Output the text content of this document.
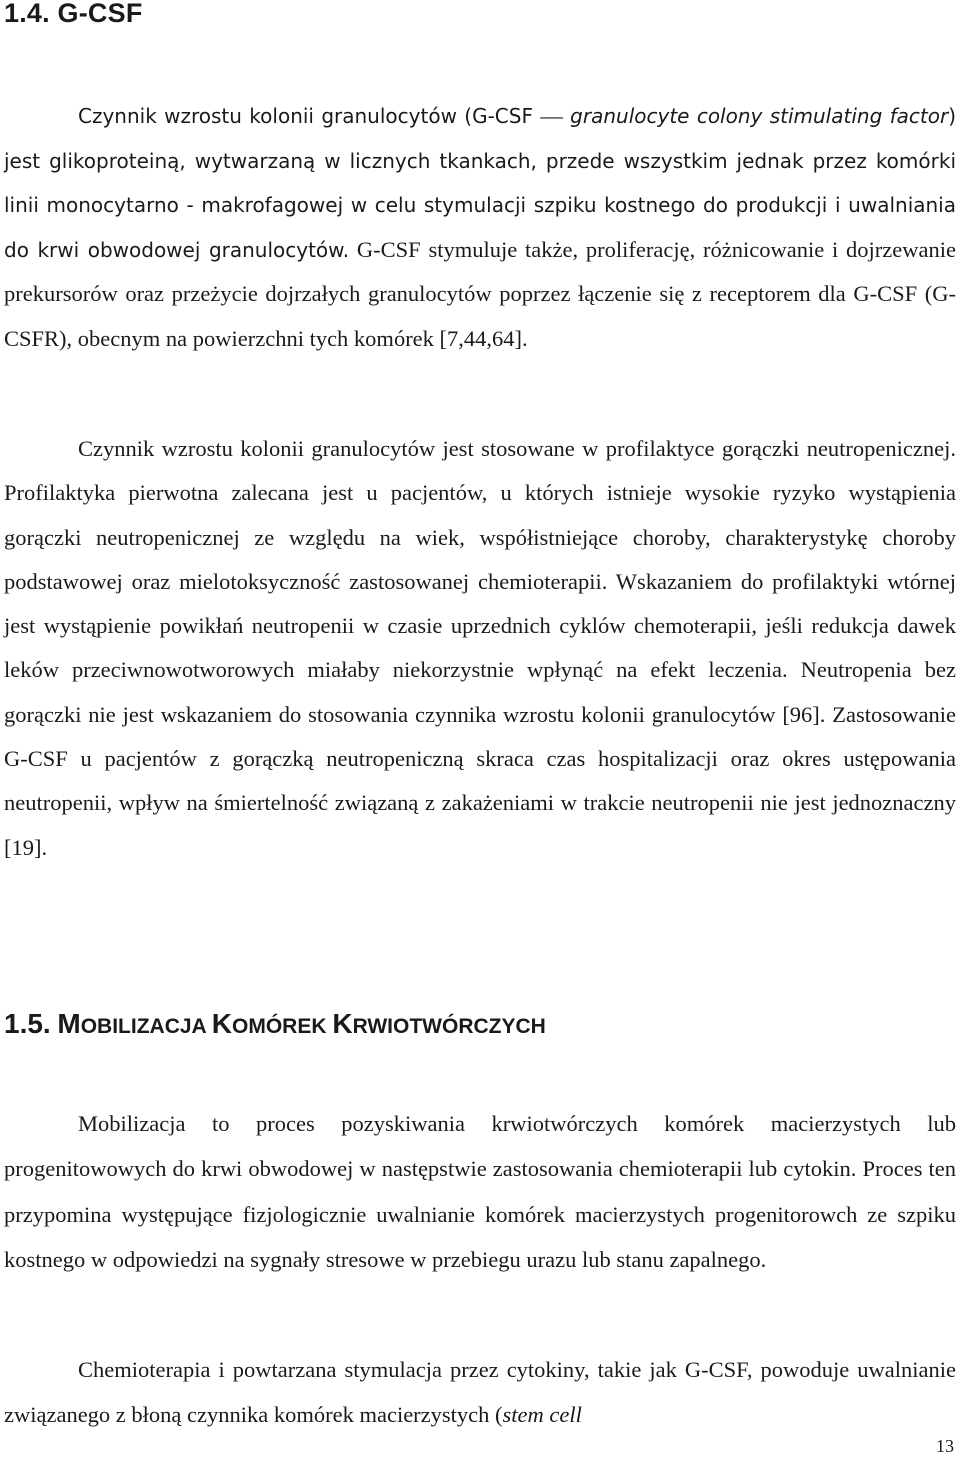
1.4. G-CSF

Czynnik wzrostu kolonii granulocytów (G-CSF — granulocyte colony stimulating factor) jest glikoproteiną, wytwarzaną w licznych tkankach, przede wszystkim jednak przez komórki linii monocytarno - makrofagowej w celu stymulacji szpiku kostnego do produkcji i uwalniania do krwi obwodowej granulocytów. G-CSF stymuluje także, proliferację, różnicowanie i dojrzewanie prekursorów oraz przeżycie dojrzałych granulocytów poprzez łączenie się z receptorem dla G-CSF (G-CSFR), obecnym na powierzchni tych komórek [7,44,64].

Czynnik wzrostu kolonii granulocytów jest stosowane w profilaktyce gorączki neutropenicznej. Profilaktyka pierwotna zalecana jest u pacjentów, u których istnieje wysokie ryzyko wystąpienia gorączki neutropenicznej ze względu na wiek, współistniejące choroby, charakterystykę choroby podstawowej oraz mielotoksyczność zastosowanej chemioterapii. Wskazaniem do profilaktyki wtórnej jest wystąpienie powikłań neutropenii w czasie uprzednich cyklów chemoterapii, jeśli redukcja dawek leków przeciwnowotworowych miałaby niekorzystnie wpłynąć na efekt leczenia. Neutropenia bez gorączki nie jest wskazaniem do stosowania czynnika wzrostu kolonii granulocytów [96]. Zastosowanie G-CSF u pacjentów z gorączką neutropeniczną skraca czas hospitalizacji oraz okres ustępowania neutropenii, wpływ na śmiertelność związaną z zakażeniami w trakcie neutropenii nie jest jednoznaczny [19].

1.5. MOBILIZACJA KOMÓREK KRWIOTWÓRCZYCH

Mobilizacja to proces pozyskiwania krwiotwórczych komórek macierzystych lub progenitowowych do krwi obwodowej w następstwie zastosowania chemioterapii lub cytokin. Proces ten przypomina występujące fizjologicznie uwalnianie komórek macierzystych progenitorowch ze szpiku kostnego w odpowiedzi na sygnały stresowe w przebiegu urazu lub stanu zapalnego.

Chemioterapia i powtarzana stymulacja przez cytokiny, takie jak G-CSF, powoduje uwalnianie związanego z błoną czynnika komórek macierzystych (stem cell

13
